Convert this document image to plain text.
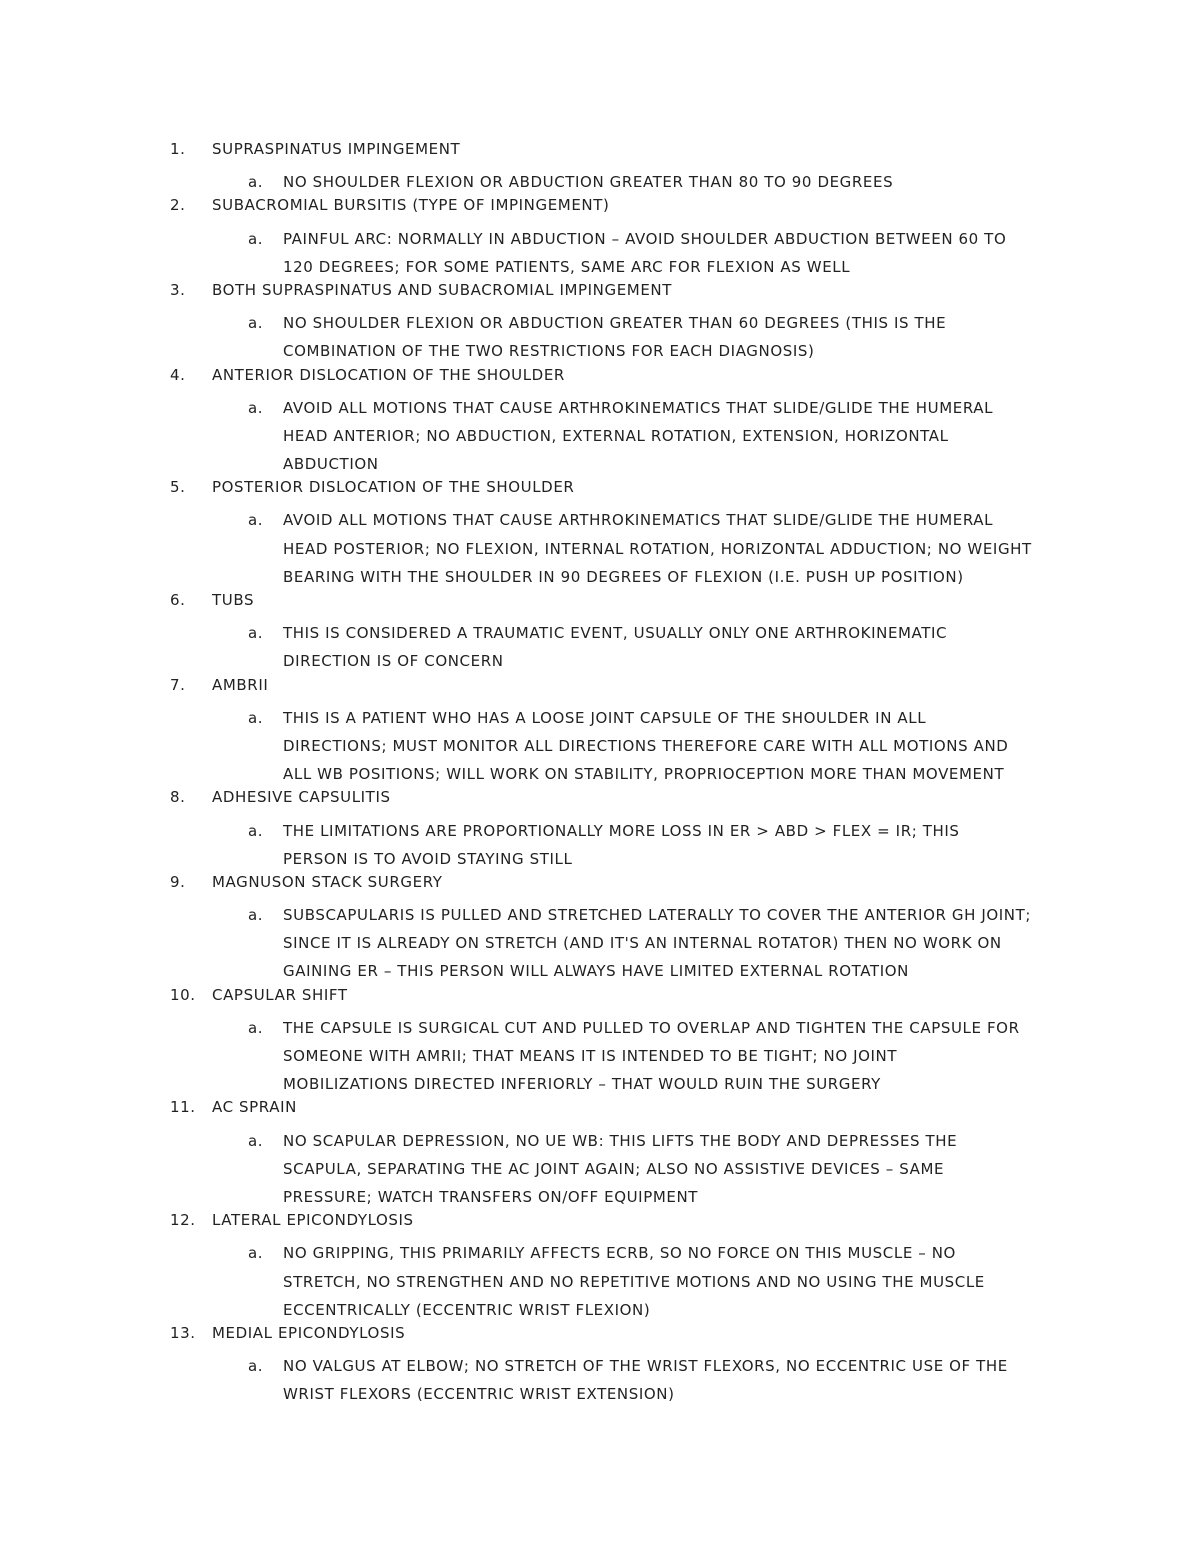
1.	SUPRASPINATUS IMPINGEMENT
a.	NO SHOULDER FLEXION OR ABDUCTION GREATER THAN 80 TO 90 DEGREES
2.	SUBACROMIAL BURSITIS (TYPE OF IMPINGEMENT)
a.	PAINFUL ARC: NORMALLY IN ABDUCTION – AVOID SHOULDER ABDUCTION BETWEEN 60 TO
120 DEGREES; FOR SOME PATIENTS, SAME ARC FOR FLEXION AS WELL
3.	BOTH SUPRASPINATUS AND SUBACROMIAL IMPINGEMENT
a.	NO SHOULDER FLEXION OR ABDUCTION GREATER THAN 60 DEGREES (THIS IS THE
COMBINATION OF THE TWO RESTRICTIONS FOR EACH DIAGNOSIS)
4.	ANTERIOR DISLOCATION OF THE SHOULDER
a.	AVOID ALL MOTIONS THAT CAUSE ARTHROKINEMATICS THAT SLIDE/GLIDE THE HUMERAL
HEAD ANTERIOR; NO ABDUCTION, EXTERNAL ROTATION, EXTENSION, HORIZONTAL
ABDUCTION
5.	POSTERIOR DISLOCATION OF THE SHOULDER
a.	AVOID ALL MOTIONS THAT CAUSE ARTHROKINEMATICS THAT SLIDE/GLIDE THE HUMERAL
HEAD POSTERIOR; NO FLEXION, INTERNAL ROTATION, HORIZONTAL ADDUCTION; NO WEIGHT
BEARING WITH THE SHOULDER IN 90 DEGREES OF FLEXION (I.E. PUSH UP POSITION)
6.	TUBS
a.	THIS IS CONSIDERED A TRAUMATIC EVENT, USUALLY ONLY ONE ARTHROKINEMATIC
DIRECTION IS OF CONCERN
7.	AMBRII
a.	THIS IS A PATIENT WHO HAS A LOOSE JOINT CAPSULE OF THE SHOULDER IN ALL
DIRECTIONS; MUST MONITOR ALL DIRECTIONS THEREFORE CARE WITH ALL MOTIONS AND
ALL WB POSITIONS; WILL WORK ON STABILITY, PROPRIOCEPTION MORE THAN MOVEMENT
8.	ADHESIVE CAPSULITIS
a.	THE LIMITATIONS ARE PROPORTIONALLY MORE LOSS IN ER > ABD > FLEX = IR; THIS
PERSON IS TO AVOID STAYING STILL
9.	MAGNUSON STACK SURGERY
a.	SUBSCAPULARIS IS PULLED AND STRETCHED LATERALLY TO COVER THE ANTERIOR GH JOINT;
SINCE IT IS ALREADY ON STRETCH (AND IT'S AN INTERNAL ROTATOR) THEN NO WORK ON
GAINING ER – THIS PERSON WILL ALWAYS HAVE LIMITED EXTERNAL ROTATION
10.	CAPSULAR SHIFT
a.	THE CAPSULE IS SURGICAL CUT AND PULLED TO OVERLAP AND TIGHTEN THE CAPSULE FOR
SOMEONE WITH AMRII; THAT MEANS IT IS INTENDED TO BE TIGHT; NO JOINT
MOBILIZATIONS DIRECTED INFERIORLY – THAT WOULD RUIN THE SURGERY
11.	AC SPRAIN
a.	NO SCAPULAR DEPRESSION, NO UE WB: THIS LIFTS THE BODY AND DEPRESSES THE
SCAPULA, SEPARATING THE AC JOINT AGAIN; ALSO NO ASSISTIVE DEVICES – SAME
PRESSURE; WATCH TRANSFERS ON/OFF EQUIPMENT
12.	LATERAL EPICONDYLOSIS
a.	NO GRIPPING, THIS PRIMARILY AFFECTS ECRB, SO NO FORCE ON THIS MUSCLE – NO
STRETCH, NO STRENGTHEN AND NO REPETITIVE MOTIONS AND NO USING THE MUSCLE
ECCENTRICALLY (ECCENTRIC WRIST FLEXION)
13.	MEDIAL EPICONDYLOSIS
a.	NO VALGUS AT ELBOW; NO STRETCH OF THE WRIST FLEXORS, NO ECCENTRIC USE OF THE
WRIST FLEXORS (ECCENTRIC WRIST EXTENSION)
